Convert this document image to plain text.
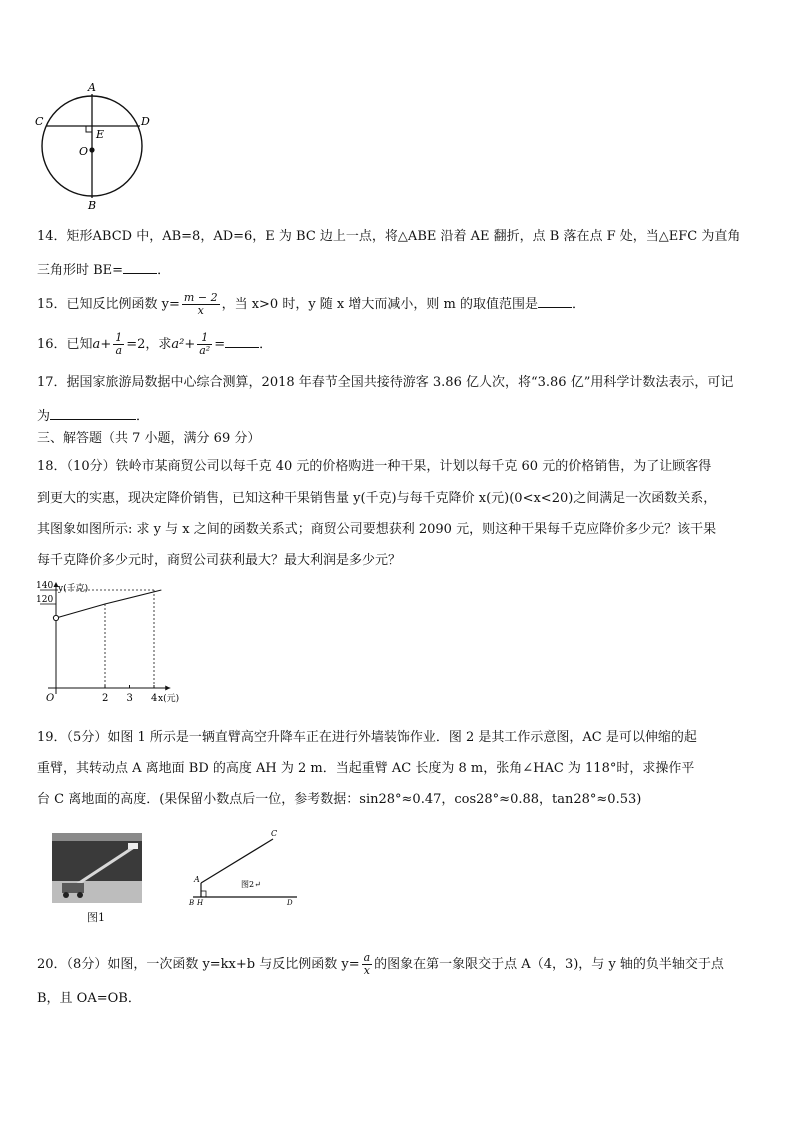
A
B
C	D
E
O
14．矩形ABCD 中，AB=8，AD=6，E 为 BC 边上一点，将△ABE 沿着 AE 翻折，点 B 落在点 F 处，当△EFC 为直角
三角形时 BE=	．
15．已知反比例函数 $y= \frac{m - 2}{x}$ ，当 x>0 时，y 随 x 增大而减小，则 m 的取值范围是	．
16．已知$a+ \frac{1}{a} =2$，求$a^2+ \frac{1}{\text{a²}}$ =	．
17．据国家旅游局数据中心综合测算，2018 年春节全国共接待游客 3.86 亿人次，将“3.86 亿”用科学计数法表示，可记
为	．
三、解答题（共 7 小题，满分 69 分）
18．（10分）铁岭市某商贸公司以每千克 40 元的价格购进一种干果，计划以每千克 60 元的价格销售，为了让顾客得
到更大的实惠，现决定降价销售，已知这种干果销售量 y(千克)与每千克降价 x(元)(0<x<20)之间满足一次函数关系，
其图象如图所示: 求 y 与 x 之间的函数关系式；商贸公司要想获利 2090 元，则这种干果每千克应降价多少元？该干果
每千克降价多少元时，商贸公司获利最大？最大利润是多少元？
2 3 4
O	x(元)
y(千克)
140
120
19．（5分）如图 1 所示是一辆直臂高空升降车正在进行外墙装饰作业．图 2 是其工作示意图，AC 是可以伸缩的起
重臂，其转动点 A 离地面 BD 的高度 AH 为 2 m．当起重臂 AC 长度为 8 m，张角∠HAC 为 118°时，求操作平
台 C 离地面的高度．(果保留小数点后一位，参考数据：sin28°≈0.47，cos28°≈0.88，tan28°≈0.53)
图1
C
A
B H	D
图2↵
20．（8分）如图，一次函数 y=kx+b 与反比例函数 $y= \frac{a}{x}$ 的图象在第一象限交于点 A（4，3)，与 y 轴的负半轴交于点
B，且 OA=OB．
